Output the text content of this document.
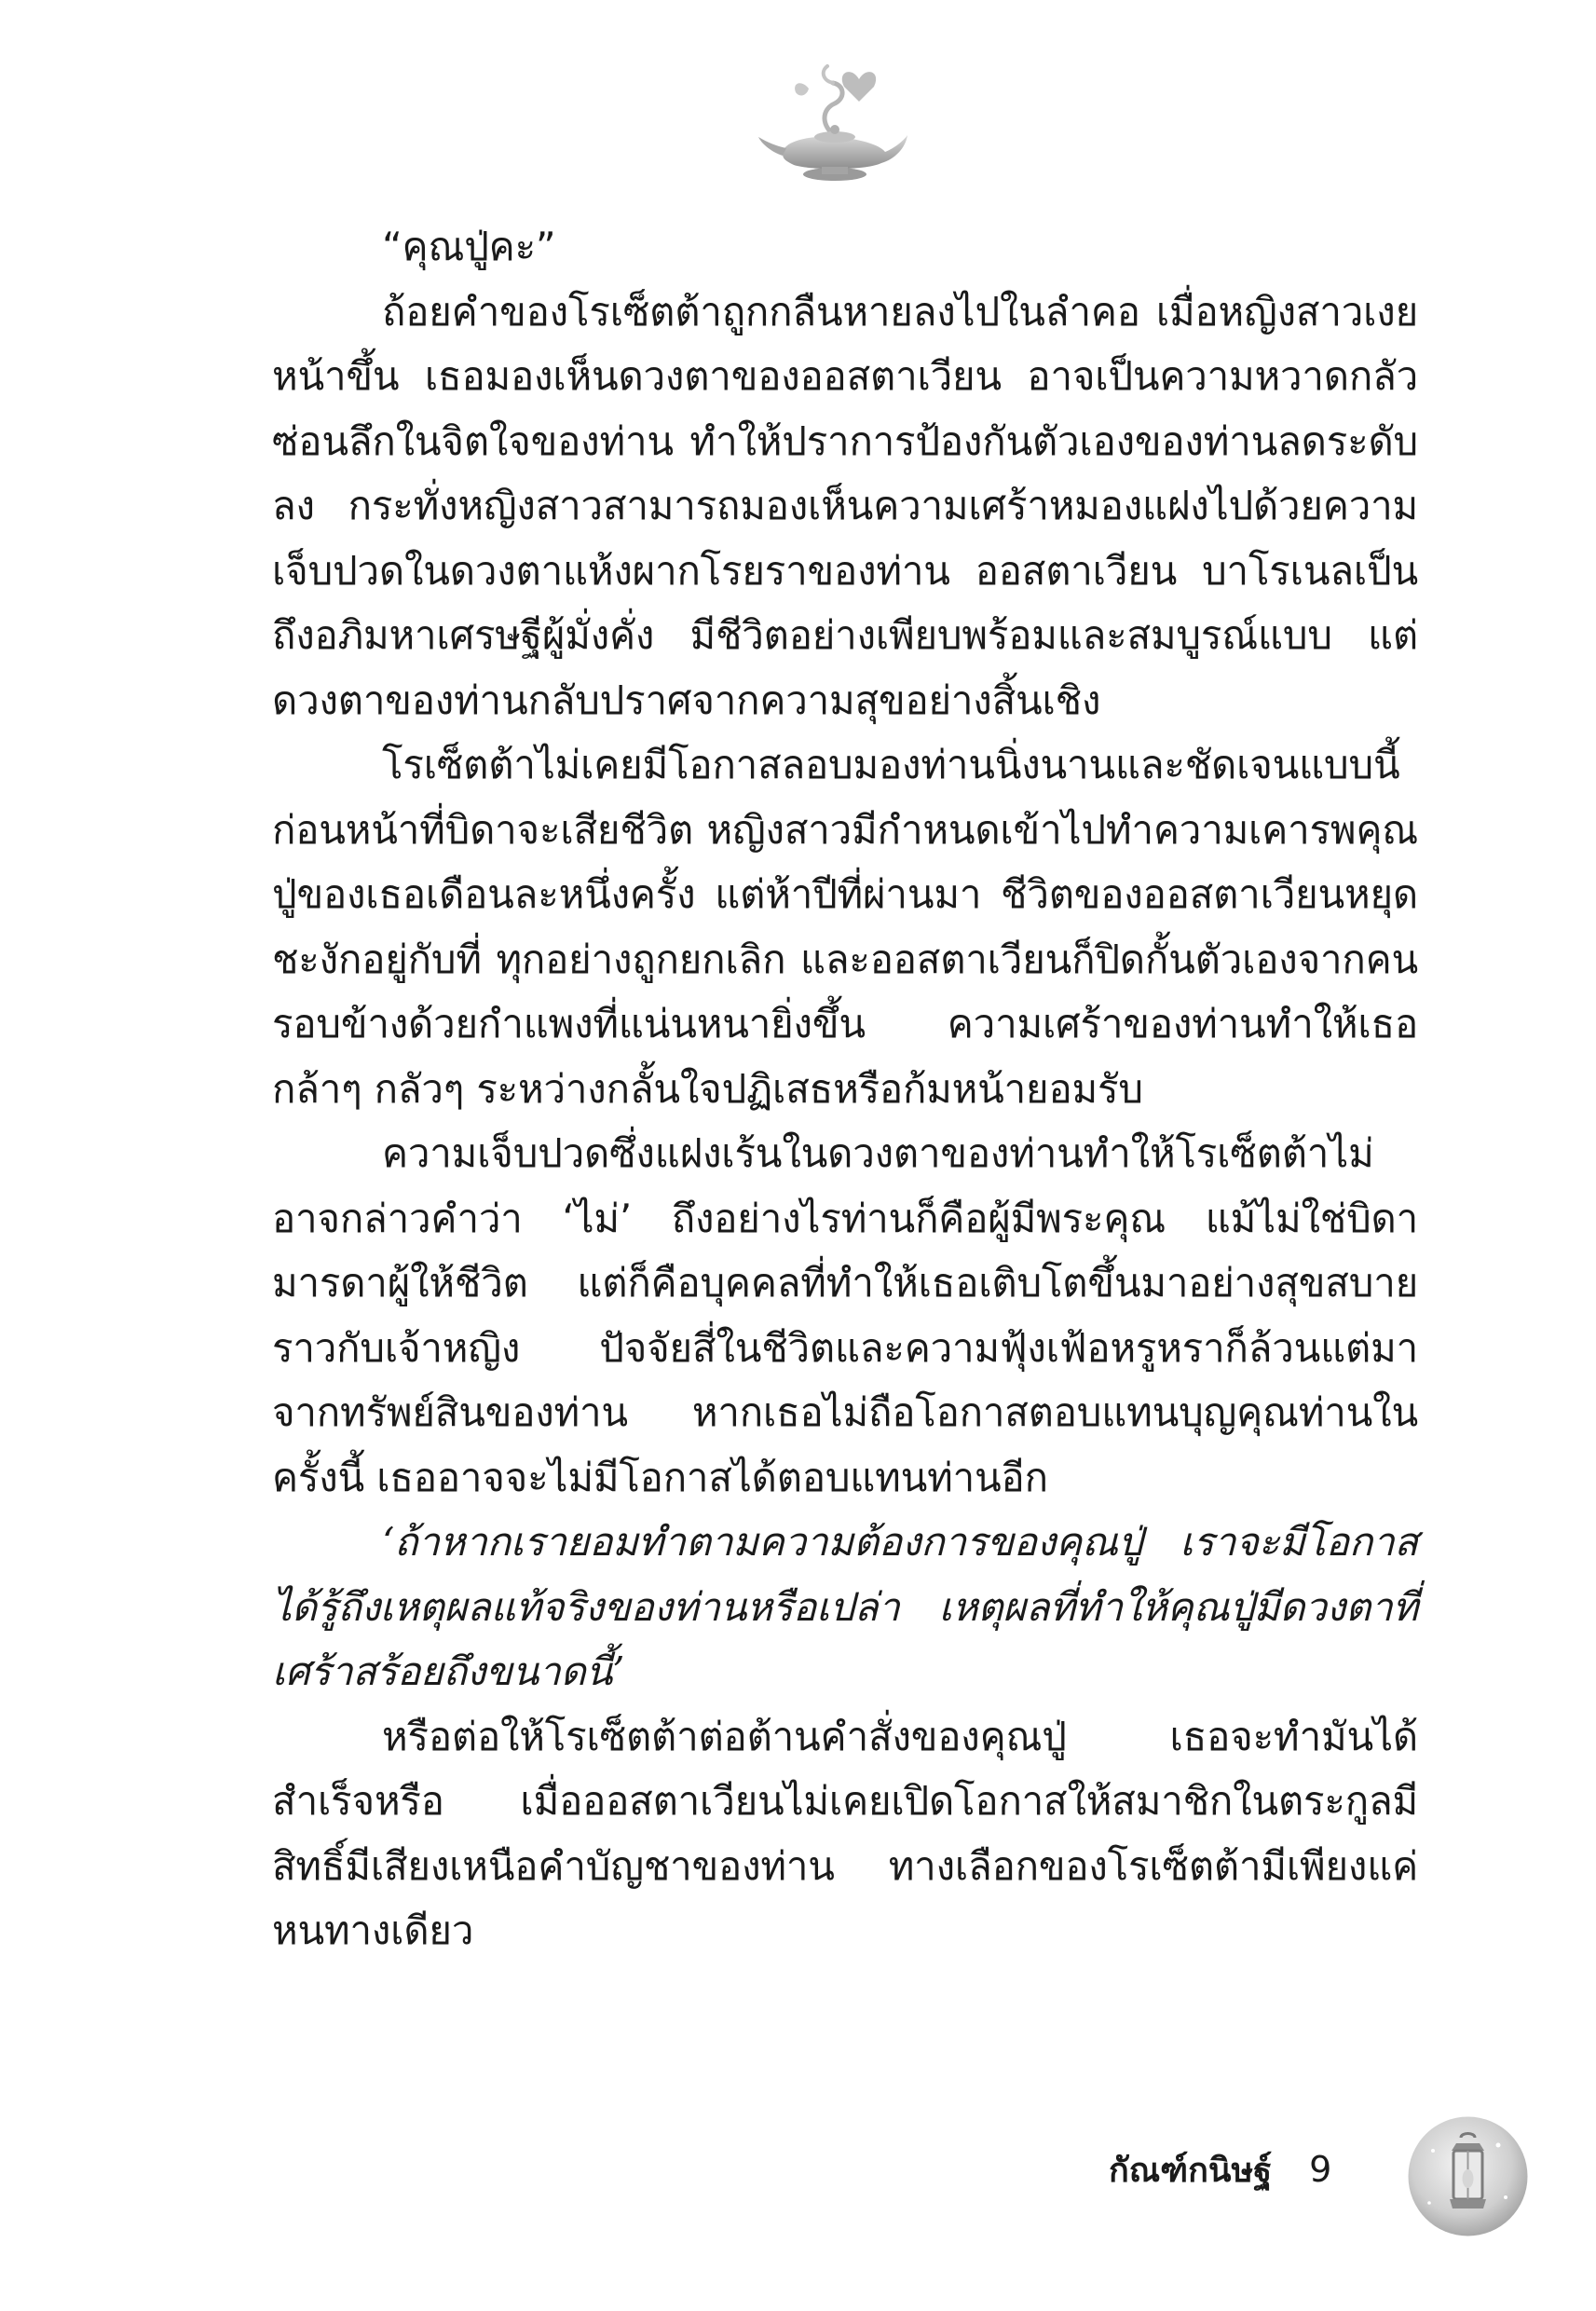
“คุณปู่คะ”

ถ้อยคำของโรเซ็ตต้าถูกกลืนหายลงไปในลำคอ เมื่อหญิงสาวเงยหน้าขึ้น เธอมองเห็นดวงตาของออสตาเวียน อาจเป็นความหวาดกลัวซ่อนลึกในจิตใจของท่าน ทำให้ปราการป้องกันตัวเองของท่านลดระดับลง กระทั่งหญิงสาวสามารถมองเห็นความเศร้าหมองแฝงไปด้วยความเจ็บปวดในดวงตาแห้งผากโรยราของท่าน ออสตาเวียน บาโรเนลเป็นถึงอภิมหาเศรษฐีผู้มั่งคั่ง มีชีวิตอย่างเพียบพร้อมและสมบูรณ์แบบ แต่ดวงตาของท่านกลับปราศจากความสุขอย่างสิ้นเชิง

โรเซ็ตต้าไม่เคยมีโอกาสลอบมองท่านนิ่งนานและชัดเจนแบบนี้ก่อนหน้าที่บิดาจะเสียชีวิต หญิงสาวมีกำหนดเข้าไปทำความเคารพคุณปู่ของเธอเดือนละหนึ่งครั้ง แต่ห้าปีที่ผ่านมา ชีวิตของออสตาเวียนหยุดชะงักอยู่กับที่ ทุกอย่างถูกยกเลิก และออสตาเวียนก็ปิดกั้นตัวเองจากคนรอบข้างด้วยกำแพงที่แน่นหนายิ่งขึ้น ความเศร้าของท่านทำให้เธอกล้าๆ กลัวๆ ระหว่างกลั้นใจปฏิเสธหรือก้มหน้ายอมรับ

ความเจ็บปวดซึ่งแฝงเร้นในดวงตาของท่านทำให้โรเซ็ตต้าไม่อาจกล่าวคำว่า ‘ไม่’ ถึงอย่างไรท่านก็คือผู้มีพระคุณ แม้ไม่ใช่บิดามารดาผู้ให้ชีวิต แต่ก็คือบุคคลที่ทำให้เธอเติบโตขึ้นมาอย่างสุขสบายราวกับเจ้าหญิง ปัจจัยสี่ในชีวิตและความฟุ้งเฟ้อหรูหราก็ล้วนแต่มาจากทรัพย์สินของท่าน หากเธอไม่ถือโอกาสตอบแทนบุญคุณท่านในครั้งนี้ เธออาจจะไม่มีโอกาสได้ตอบแทนท่านอีก

‘ถ้าหากเรายอมทำตามความต้องการของคุณปู่ เราจะมีโอกาสได้รู้ถึงเหตุผลแท้จริงของท่านหรือเปล่า เหตุผลที่ทำให้คุณปู่มีดวงตาที่เศร้าสร้อยถึงขนาดนี้’

หรือต่อให้โรเซ็ตต้าต่อต้านคำสั่งของคุณปู่ เธอจะทำมันได้สำเร็จหรือ เมื่อออสตาเวียนไม่เคยเปิดโอกาสให้สมาชิกในตระกูลมีสิทธิ์มีเสียงเหนือคำบัญชาของท่าน ทางเลือกของโรเซ็ตต้ามีเพียงแค่หนทางเดียว

กัณฑ์กนิษฐ์ 9
